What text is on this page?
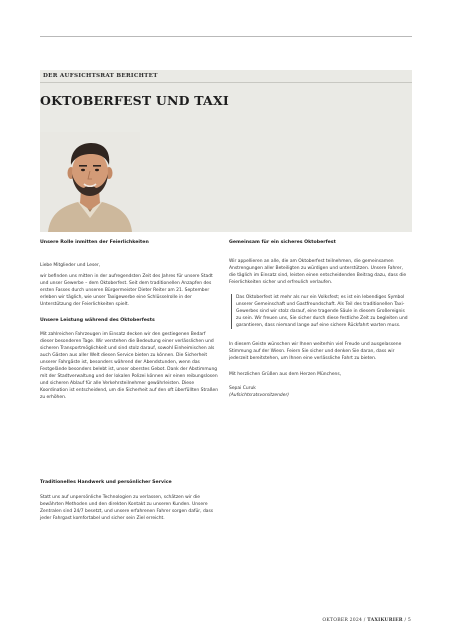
DER AUFSICHTSRAT BERICHTET
OKTOBERFEST UND TAXI
Unsere Rolle inmitten der Feierlichkeiten
Liebe Mitglieder und Leser,
wir befinden uns mitten in der aufregendsten Zeit des Jahres für unsere Stadt und unser Gewerbe – dem Oktoberfest. Seit dem traditionellen Anzapfen des ersten Fasses durch unseren Bürgermeister Dieter Reiter am 21. September erleben wir täglich, wie unser Taxigewerbe eine Schlüsselrolle in der Unterstützung der Feierlichkeiten spielt.
Unsere Leistung während des Oktoberfests
Mit zahlreichen Fahrzeugen im Einsatz decken wir den gestiegenen Bedarf dieser besonderen Tage. Wir verstehen die Bedeutung einer verlässlichen und sicheren Transportmöglichkeit und sind stolz darauf, sowohl Einheimischen als auch Gästen aus aller Welt diesen Service bieten zu können. Die Sicherheit unserer Fahrgäste ist, besonders während der Abendstunden, wenn das Festgelände besonders belebt ist, unser oberstes Gebot. Dank der Abstimmung mit der Stadtverwaltung und der lokalen Polizei können wir einen reibungslosen und sicheren Ablauf für alle Verkehrsteilnehmer gewährleisten. Diese Koordination ist entscheidend, um die Sicherheit auf den oft überfüllten Straßen zu erhöhen.
Gemeinsam für ein sicheres Oktoberfest
Wir appellieren an alle, die am Oktoberfest teilnehmen, die gemeinsamen Anstrengungen aller Beteiligten zu würdigen und unterstützen. Unsere Fahrer, die täglich im Einsatz sind, leisten einen entscheidenden Beitrag dazu, dass die Feierlichkeiten sicher und erfreulich verlaufen.
Das Oktoberfest ist mehr als nur ein Volksfest; es ist ein lebendiges Symbol unserer Gemeinschaft und Gastfreundschaft. Als Teil des traditionellen Taxi-Gewerbes sind wir stolz darauf, eine tragende Säule in diesem Großereignis zu sein. Wir freuen uns, Sie sicher durch diese festliche Zeit zu begleiten und garantieren, dass niemand lange auf eine sichere Rückfahrt warten muss.
In diesem Geiste wünschen wir Ihnen weiterhin viel Freude und ausgelassene Stimmung auf der Wiesn. Feiern Sie sicher und denken Sie daran, dass wir jederzeit bereitstehen, um Ihnen eine verlässliche Fahrt zu bieten.
Mit herzlichen Grüßen aus dem Herzen Münchens,
Sepai Curuk
(Aufsichtsratsvorsitzender)
Traditionelles Handwerk und persönlicher Service
Statt uns auf unpersönliche Technologien zu verlassen, schätzen wir die bewährten Methoden und den direkten Kontakt zu unseren Kunden. Unsere Zentralen sind 24/7 besetzt, und unsere erfahrenen Fahrer sorgen dafür, dass jeder Fahrgast komfortabel und sicher sein Ziel erreicht.
OKTOBER 2024 / TAXIKURIER / 5
